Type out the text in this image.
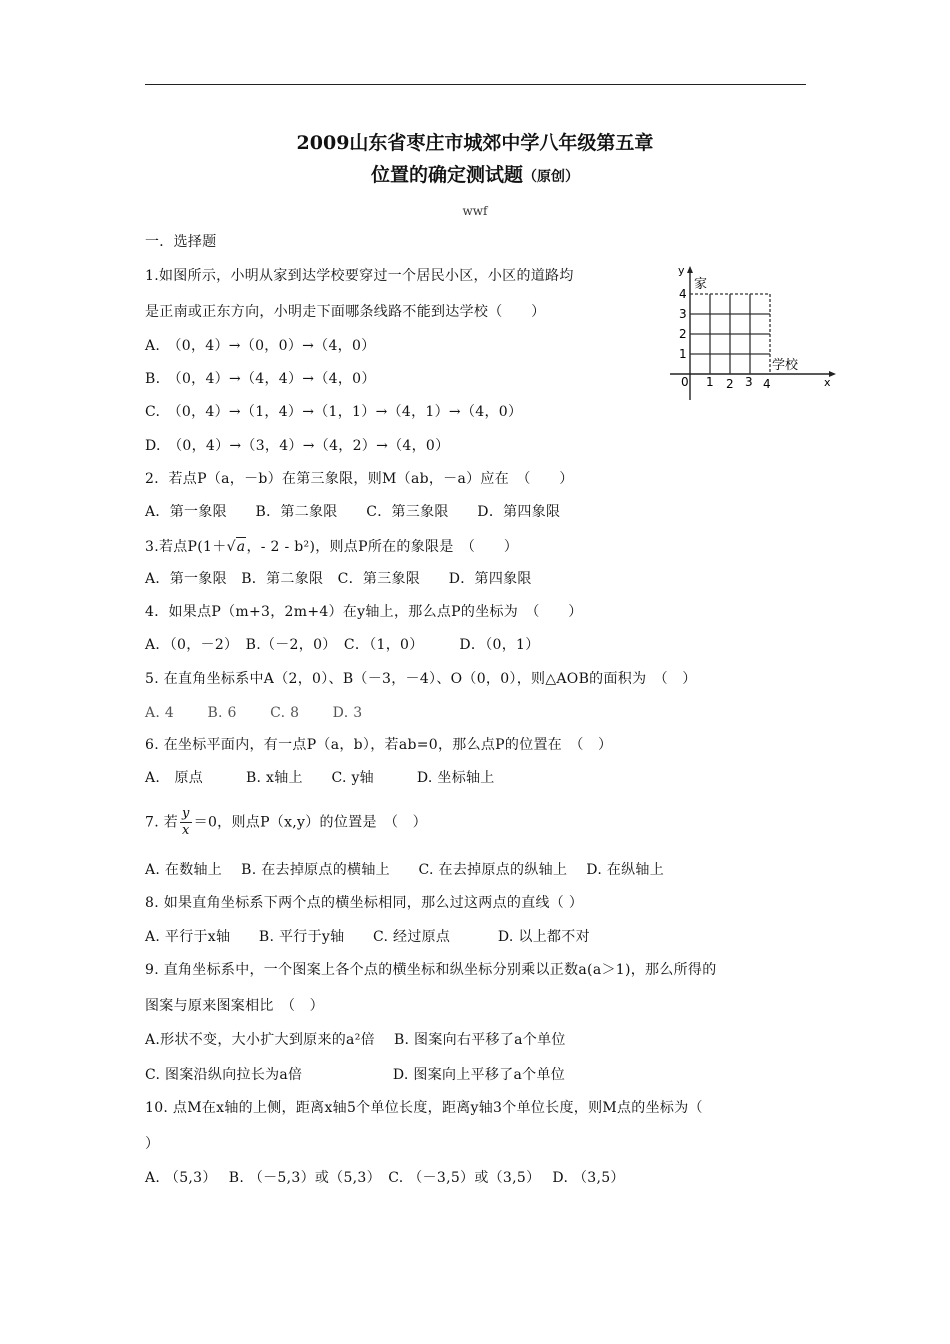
2009山东省枣庄市城郊中学八年级第五章
位置的确定测试题（原创）
wwf
一．选择题
1.如图所示，小明从家到达学校要穿过一个居民小区，小区的道路均
是正南或正东方向，小明走下面哪条线路不能到达学校（　　）
A.　（0，4）→（0，0）→（4，0）
B.　（0，4）→（4，4）→（4，0）
C.　（0，4）→（1，4）→（1，1）→（4，1）→（4，0）
D.　（0，4）→（3，4）→（4，2）→（4，0）
y
x
家
学校
4
3
2
1
0 1 2 3 4
2．若点P（a，－b）在第三象限，则M（ab，－a）应在　（　　）
A．第一象限　　B．第二象限　　C．第三象限　　D．第四象限
3.若点P(1＋√a，- 2 - b²)，则点P所在的象限是　（　　）
A．第一象限　B．第二象限　C．第三象限　　D．第四象限
4．如果点P（m+3，2m+4）在y轴上，那么点P的坐标为　（　　）
A．（0，－2）　B.（－2，0）　C．（1，0）　　　D．（0，1）
5. 在直角坐标系中A（2，0）、B（－3，－4）、O（0，0），则△AOB的面积为　（　）
A. 4　　 B. 6　　 C. 8　　 D. 3
6. 在坐标平面内，有一点P（a，b），若ab=0，那么点P的位置在　（　）
A.　原点　　　B. x轴上　　C. y轴　　　D. 坐标轴上
7. 若 $\frac{y}{x} =0$，则点P（x,y）的位置是　（　）
A. 在数轴上　 B. 在去掉原点的横轴上　　C. 在去掉原点的纵轴上　 D. 在纵轴上
8. 如果直角坐标系下两个点的横坐标相同，那么过这两点的直线（ ）
A. 平行于x轴　　B. 平行于y轴　　C. 经过原点　　　 D. 以上都不对
9. 直角坐标系中，一个图案上各个点的横坐标和纵坐标分别乘以正数a(a＞1)，那么所得的
图案与原来图案相比　（　）
A.形状不变，大小扩大到原来的a²倍　 B. 图案向右平移了a个单位
C. 图案沿纵向拉长为a倍　　　　　　 D. 图案向上平移了a个单位
10. 点M在x轴的上侧，距离x轴5个单位长度，距离y轴3个单位长度，则M点的坐标为（
）
A. （5,3）　 B. （－5,3）或（5,3）　C. （－3,5）或（3,5）　 D. （3,5）
